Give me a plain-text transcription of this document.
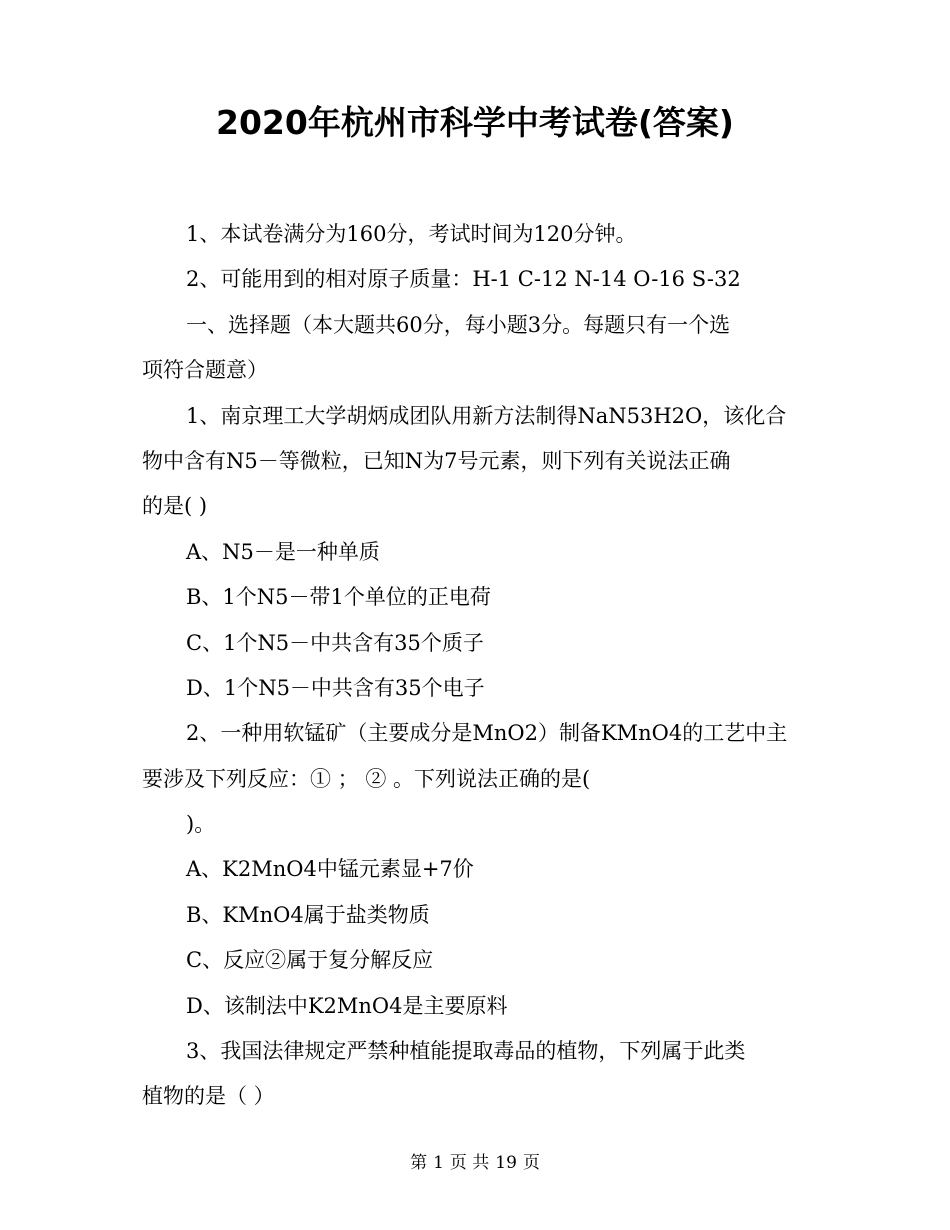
2020年杭州市科学中考试卷(答案)
1、本试卷满分为160分，考试时间为120分钟。
2、可能用到的相对原子质量：H-1 C-12 N-14 O-16 S-32
一、选择题（本大题共60分，每小题3分。每题只有一个选
项符合题意）
1、南京理工大学胡炳成团队用新方法制得NaN53H2O，该化合
物中含有N5－等微粒，已知N为7号元素，则下列有关说法正确
的是( )
A、N5－是一种单质
B、1个N5－带1个单位的正电荷
C、1个N5－中共含有35个质子
D、1个N5－中共含有35个电子
2、一种用软锰矿（主要成分是MnO2）制备KMnO4的工艺中主
要涉及下列反应：① ； ② 。下列说法正确的是(
)。
A、K2MnO4中锰元素显+7价
B、KMnO4属于盐类物质
C、反应②属于复分解反应
D、该制法中K2MnO4是主要原料
3、我国法律规定严禁种植能提取毒品的植物，下列属于此类
植物的是（ ）
第 1 页 共 19 页
